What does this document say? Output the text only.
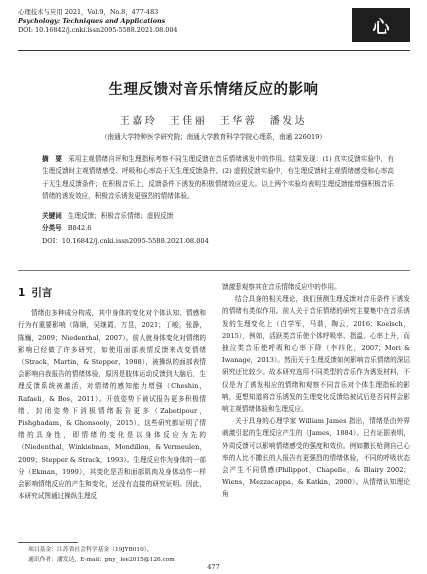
心理技术与应用 2021，Vol.9，No.8，477-483
Psychology: Techniques and Applications
DOI: 10.16842/j.cnki.issn2095-5588.2021.08.004	心
生理反馈对音乐情绪反应的影响
王嘉玲　王佳丽　王华蓉　潘发达
（南通大学特种医学研究院；南通大学教育科学学院心理系，南通 226019）
摘　要 采用主观情绪自评和生理指标考察不同生理反馈在音乐情绪诱发中的作用。结果发现：(1) 真实反馈实验中，有生理反馈时主观情绪感受、呼吸和心率高于无生理反馈条件。(2) 虚假反馈实验中，有生理反馈时主观情绪感受和心率高于无生理反馈条件；在积极音乐上，反馈条件下诱发的积极情绪效应更大。以上两个实验均表明生理反馈能增强积极音乐情绪的诱发效应，积极音乐诱发更强烈的情绪体验。
关键词 生理反馈；积极音乐情绪；虚假反馈
分类号 B842.6
DOI：10.16842/j.cnki.issn2095-5588.2021.08.004
1 引言

情绪由多种成分构成，其中身体的变化对个体认知、情感和行为有重要影响（陈顺，吴继霞，万昱，2021；丁峻，张静，陈巍，2009；Niedenthal，2007）。前人就身体变化对情绪的影响已经做了许多研究，如使用面部表情反馈来改变情绪（Strack，Martin，& Stepper，1988），被操纵的面部表情会影响自我报告的情绪体验，原因是肢体运动反馈到大脑后，生理反馈系统被激活，对情绪的感知能力增强（Cheshin，Rafaeli，& Bos，2011）。开放姿势下被试报告更多积极情绪，封闭姿势下消极情绪报告更多（Zabetipour，Pishghadam，& Ghonsooly，2015）。这些研究都证明了情绪的具身性，即情绪的变化是以身体反应为先的（Niedenthal，Winkielman，Mondillon，& Vermeulen，2009；Stepper & Strack，1993）。生理反应作为身体的一部分（Ekman，1999），其变化是否和面部肌肉及身体动作一样会影响情绪反应的产生和变化，还没有直接的研究证明。因此，本研究试图通过操纵生理反

馈激惹观察其在音乐情绪反应中的作用。

结合具身的相关理论，我们预测生理反馈对音乐条件下诱发的情绪有类似作用。前人关于音乐情绪的研究主要集中在音乐诱发的生理变化上（白学军，马谐，陶云，2016；Koelsch，2015），例如，活跃类音乐使个体呼吸率、指温、心率上升，而抽泣类音乐使呼吸和心率下降（李四化，2007；Mori & Iwanage，2013）。然而关于生理反馈如何影响音乐情绪的深层研究还比较少。故本研究选用不同类型的音乐作为诱发材料，不仅是为了诱发相应的情绪和观察不同音乐对个体生理指标的影响，更想知道将音乐诱发的生理变化反馈给被试后是否同样会影响主观情绪体验和生理反应。

关于具身的心理学家 William James 指出，情绪是由外界刺激引起的生理反应产生的（James，1884）。已有证据表明，外周反馈可以影响情绪感受的强度和效价。例如撒长枪测自己心率的人比不撒长的人报告有更强烈的情绪体验，不同的呼吸状态会产生不同情感(Philippot，Chapelle，& Blairy 2002；Wiens，Mezzacappa，& Katkin，2000）。从情绪认知理论角

项目基金：江苏省社会科学基金（19JYB010）。
通讯作者：潘发达，E-mail：pny_ lee2015@126.com
477
